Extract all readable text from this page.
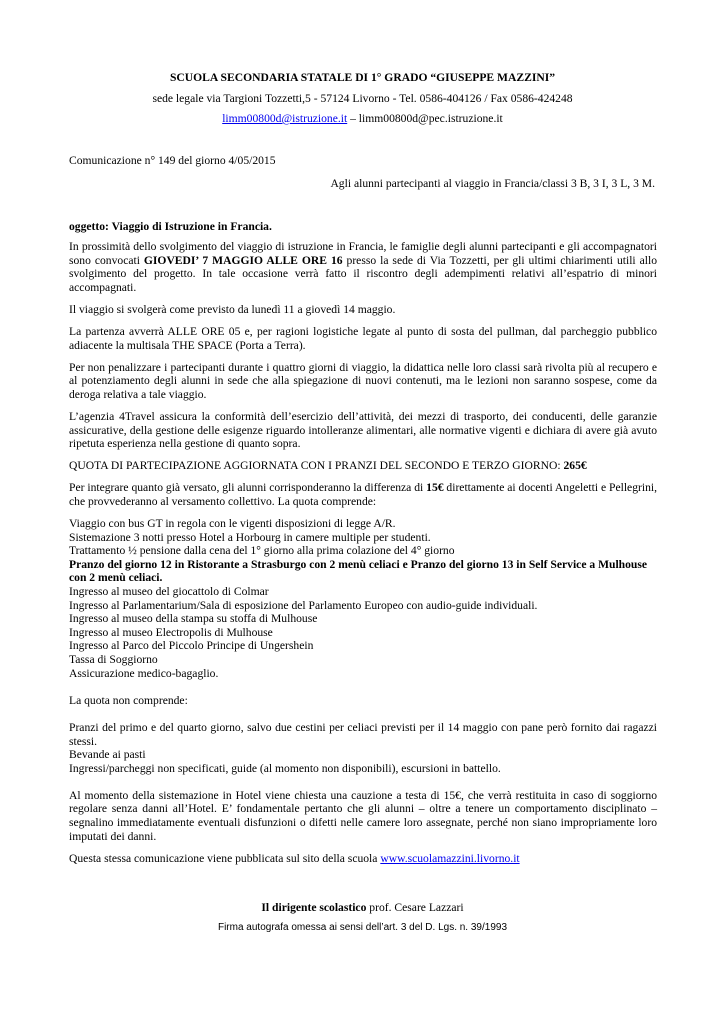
SCUOLA SECONDARIA STATALE DI 1° GRADO “GIUSEPPE MAZZINI”
sede legale via Targioni Tozzetti,5 - 57124 Livorno - Tel. 0586-404126 / Fax 0586-424248
limm00800d@istruzione.it – limm00800d@pec.istruzione.it
Comunicazione n° 149 del giorno 4/05/2015
Agli alunni partecipanti al viaggio in Francia/classi 3 B, 3 I, 3 L, 3 M.
oggetto: Viaggio di Istruzione in Francia.

In prossimità dello svolgimento del viaggio di istruzione in Francia, le famiglie degli alunni partecipanti e gli accompagnatori sono convocati GIOVEDI’ 7 MAGGIO ALLE ORE 16 presso la sede di Via Tozzetti, per gli ultimi chiarimenti utili allo svolgimento del progetto. In tale occasione verrà fatto il riscontro degli adempimenti relativi all’espatrio di minori accompagnati.

Il viaggio si svolgerà come previsto da lunedì 11 a giovedì 14 maggio.

La partenza avverrà ALLE ORE 05 e, per ragioni logistiche legate al punto di sosta del pullman, dal parcheggio pubblico adiacente la multisala THE SPACE (Porta a Terra).

Per non penalizzare i partecipanti durante i quattro giorni di viaggio, la didattica nelle loro classi sarà rivolta più al recupero e al potenziamento degli alunni in sede che alla spiegazione di nuovi contenuti, ma le lezioni non saranno sospese, come da deroga relativa a tale viaggio.

L’agenzia 4Travel assicura la conformità dell’esercizio dell’attività, dei mezzi di trasporto, dei conducenti, delle garanzie assicurative, della gestione delle esigenze riguardo intolleranze alimentari, alle normative vigenti e dichiara di avere già avuto ripetuta esperienza nella gestione di quanto sopra.

QUOTA DI PARTECIPAZIONE AGGIORNATA CON I PRANZI DEL SECONDO E TERZO GIORNO: 265€

Per integrare quanto già versato, gli alunni corrisponderanno la differenza di 15€ direttamente ai docenti Angeletti e Pellegrini, che provvederanno al versamento collettivo. La quota comprende:

Viaggio con bus GT in regola con le vigenti disposizioni di legge A/R.
Sistemazione 3 notti presso Hotel a Horbourg in camere multiple per studenti.
Trattamento ½ pensione dalla cena del 1° giorno alla prima colazione del 4° giorno
Pranzo del giorno 12 in Ristorante a Strasburgo con 2 menù celiaci e Pranzo del giorno 13 in Self Service a Mulhouse con 2 menù celiaci.
Ingresso al museo del giocattolo di Colmar
Ingresso al Parlamentarium/Sala di esposizione del Parlamento Europeo con audio-guide individuali.
Ingresso al museo della stampa su stoffa di Mulhouse
Ingresso al museo Electropolis di Mulhouse
Ingresso al Parco del Piccolo Principe di Ungershein
Tassa di Soggiorno
Assicurazione medico-bagaglio.
La quota non comprende:
Pranzi del primo e del quarto giorno, salvo due cestini per celiaci previsti per il 14 maggio con pane però fornito dai ragazzi stessi.
Bevande ai pasti
Ingressi/parcheggi non specificati, guide (al momento non disponibili), escursioni in battello.

Al momento della sistemazione in Hotel viene chiesta una cauzione a testa di 15€, che verrà restituita in caso di soggiorno regolare senza danni all’Hotel. E’ fondamentale pertanto che gli alunni – oltre a tenere un comportamento disciplinato – segnalino immediatamente eventuali disfunzioni o difetti nelle camere loro assegnate, perché non siano impropriamente loro imputati dei danni.

Questa stessa comunicazione viene pubblicata sul sito della scuola www.scuolamazzini.livorno.it

Il dirigente scolastico prof. Cesare Lazzari
Firma autografa omessa ai sensi dell’art. 3 del D. Lgs. n. 39/1993
